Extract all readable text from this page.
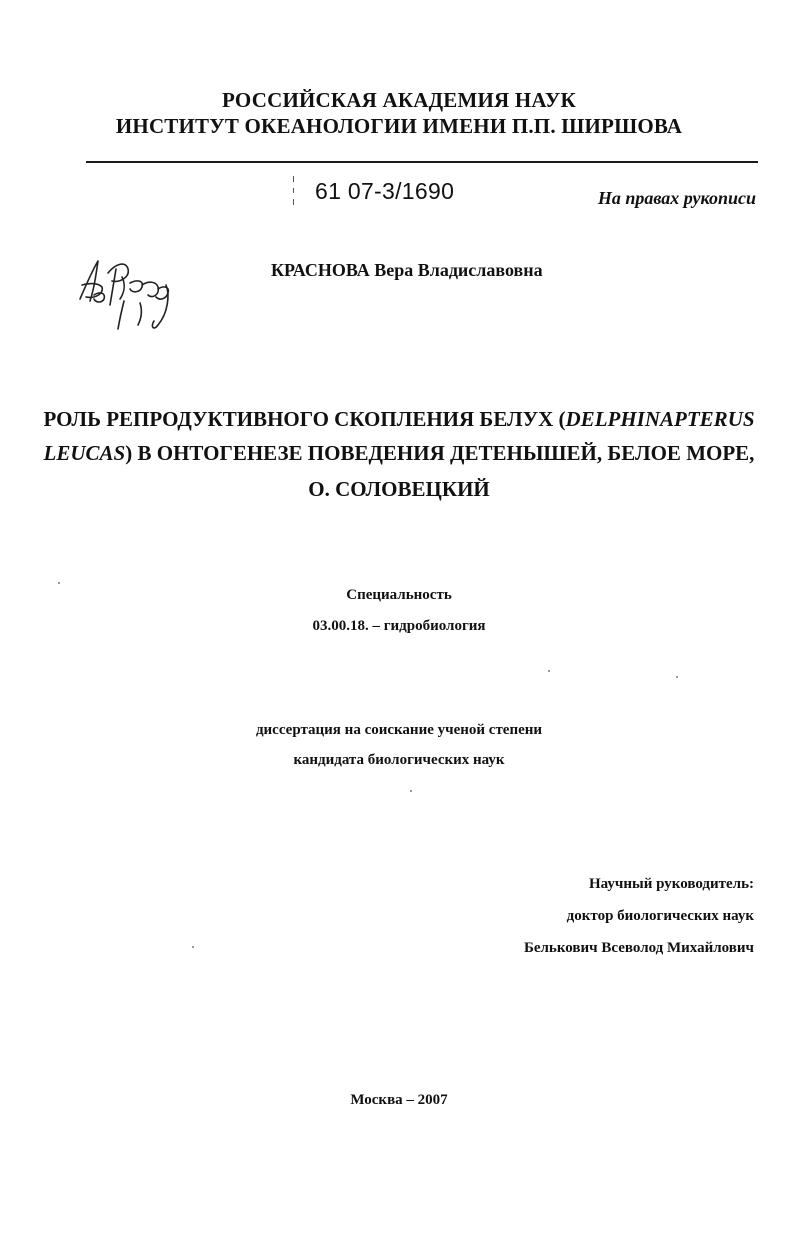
РОССИЙСКАЯ АКАДЕМИЯ НАУК
ИНСТИТУТ ОКЕАНОЛОГИИ ИМЕНИ П.П. ШИРШОВА
61 07-3/1690	На правах рукописи
КРАСНОВА Вера Владиславовна
РОЛЬ РЕПРОДУКТИВНОГО СКОПЛЕНИЯ БЕЛУХ (DELPHINAPTERUS
LEUCAS) В ОНТОГЕНЕЗЕ ПОВЕДЕНИЯ ДЕТЕНЫШЕЙ, БЕЛОЕ МОРЕ,
О. СОЛОВЕЦКИЙ
Специальность
03.00.18. – гидробиология
диссертация на соискание ученой степени
кандидата биологических наук
Научный руководитель:
доктор биологических наук
Белькович Всеволод Михайлович
Москва – 2007
